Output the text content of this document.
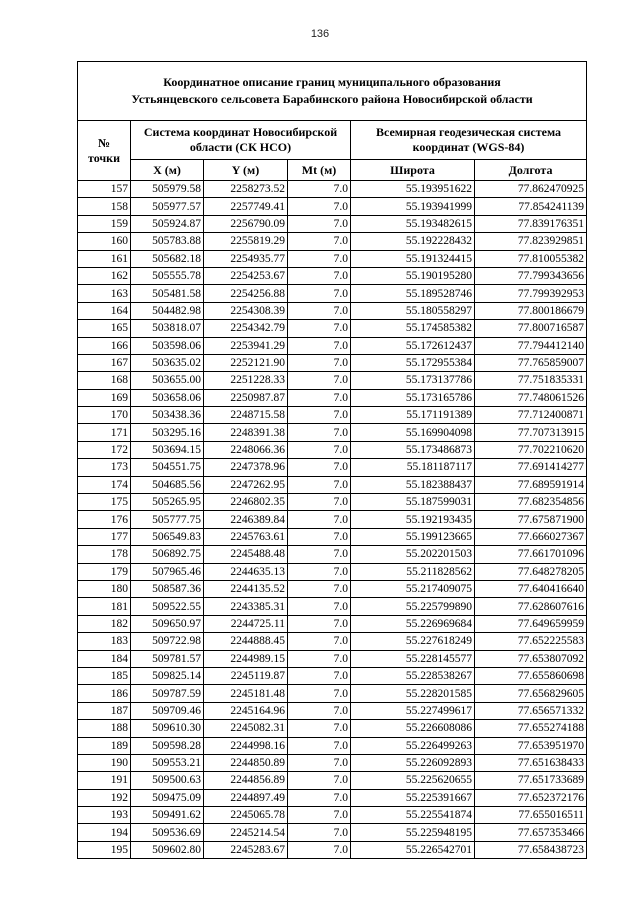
136
Координатное описание границ муниципального образования
Устьянцевского сельсовета Барабинского района Новосибирской области					

№
точки	Система координат Новосибирской области (СК НСО)			Всемирная геодезическая система координат (WGS-84)	
	X (м)	Y (м)	Mt (м)	Широта	Долгота
157	505979.58	2258273.52	7.0	55.193951622	77.862470925
158	505977.57	2257749.41	7.0	55.193941999	77.854241139
159	505924.87	2256790.09	7.0	55.193482615	77.839176351
160	505783.88	2255819.29	7.0	55.192228432	77.823929851
161	505682.18	2254935.77	7.0	55.191324415	77.810055382
162	505555.78	2254253.67	7.0	55.190195280	77.799343656
163	505481.58	2254256.88	7.0	55.189528746	77.799392953
164	504482.98	2254308.39	7.0	55.180558297	77.800186679
165	503818.07	2254342.79	7.0	55.174585382	77.800716587
166	503598.06	2253941.29	7.0	55.172612437	77.794412140
167	503635.02	2252121.90	7.0	55.172955384	77.765859007
168	503655.00	2251228.33	7.0	55.173137786	77.751835331
169	503658.06	2250987.87	7.0	55.173165786	77.748061526
170	503438.36	2248715.58	7.0	55.171191389	77.712400871
171	503295.16	2248391.38	7.0	55.169904098	77.707313915
172	503694.15	2248066.36	7.0	55.173486873	77.702210620
173	504551.75	2247378.96	7.0	55.181187117	77.691414277
174	504685.56	2247262.95	7.0	55.182388437	77.689591914
175	505265.95	2246802.35	7.0	55.187599031	77.682354856
176	505777.75	2246389.84	7.0	55.192193435	77.675871900
177	506549.83	2245763.61	7.0	55.199123665	77.666027367
178	506892.75	2245488.48	7.0	55.202201503	77.661701096
179	507965.46	2244635.13	7.0	55.211828562	77.648278205
180	508587.36	2244135.52	7.0	55.217409075	77.640416640
181	509522.55	2243385.31	7.0	55.225799890	77.628607616
182	509650.97	2244725.11	7.0	55.226969684	77.649659959
183	509722.98	2244888.45	7.0	55.227618249	77.652225583
184	509781.57	2244989.15	7.0	55.228145577	77.653807092
185	509825.14	2245119.87	7.0	55.228538267	77.655860698
186	509787.59	2245181.48	7.0	55.228201585	77.656829605
187	509709.46	2245164.96	7.0	55.227499617	77.656571332
188	509610.30	2245082.31	7.0	55.226608086	77.655274188
189	509598.28	2244998.16	7.0	55.226499263	77.653951970
190	509553.21	2244850.89	7.0	55.226092893	77.651638433
191	509500.63	2244856.89	7.0	55.225620655	77.651733689
192	509475.09	2244897.49	7.0	55.225391667	77.652372176
193	509491.62	2245065.78	7.0	55.225541874	77.655016511
194	509536.69	2245214.54	7.0	55.225948195	77.657353466
195	509602.80	2245283.67	7.0	55.226542701	77.658438723
